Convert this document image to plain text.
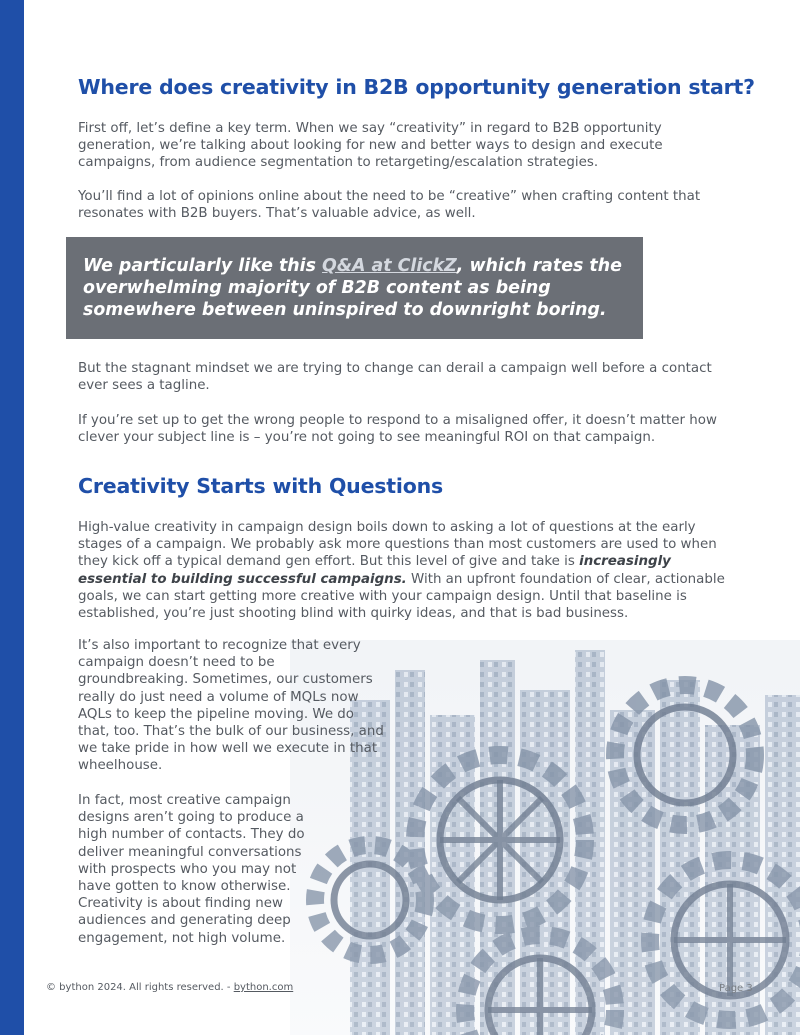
Where does creativity in B2B opportunity generation start?

First off, let’s define a key term. When we say “creativity” in regard to B2B opportunity generation, we’re talking about looking for new and better ways to design and execute campaigns, from audience segmentation to retargeting/escalation strategies.

You’ll find a lot of opinions online about the need to be “creative” when crafting content that resonates with B2B buyers. That’s valuable advice, as well.

We particularly like this Q&A at ClickZ, which rates the overwhelming majority of B2B content as being somewhere between uninspired to downright boring.

But the stagnant mindset we are trying to change can derail a campaign well before a contact ever sees a tagline.

If you’re set up to get the wrong people to respond to a misaligned offer, it doesn’t matter how clever your subject line is – you’re not going to see meaningful ROI on that campaign.

Creativity Starts with Questions

High-value creativity in campaign design boils down to asking a lot of questions at the early stages of a campaign. We probably ask more questions than most customers are used to when they kick off a typical demand gen effort. But this level of give and take is increasingly essential to building successful campaigns. With an upfront foundation of clear, actionable goals, we can start getting more creative with your campaign design. Until that baseline is established, you’re just shooting blind with quirky ideas, and that is bad business.

It’s also important to recognize that every campaign doesn’t need to be groundbreaking. Sometimes, our customers really do just need a volume of MQLs now AQLs to keep the pipeline moving. We do that, too. That’s the bulk of our business, and we take pride in how well we execute in that wheelhouse.

In fact, most creative campaign designs aren’t going to produce a high number of contacts. They do deliver meaningful conversations with prospects who you may not have gotten to know otherwise. Creativity is about finding new audiences and generating deep engagement, not high volume.

© bython 2024. All rights reserved. - bython.com	Page 3
